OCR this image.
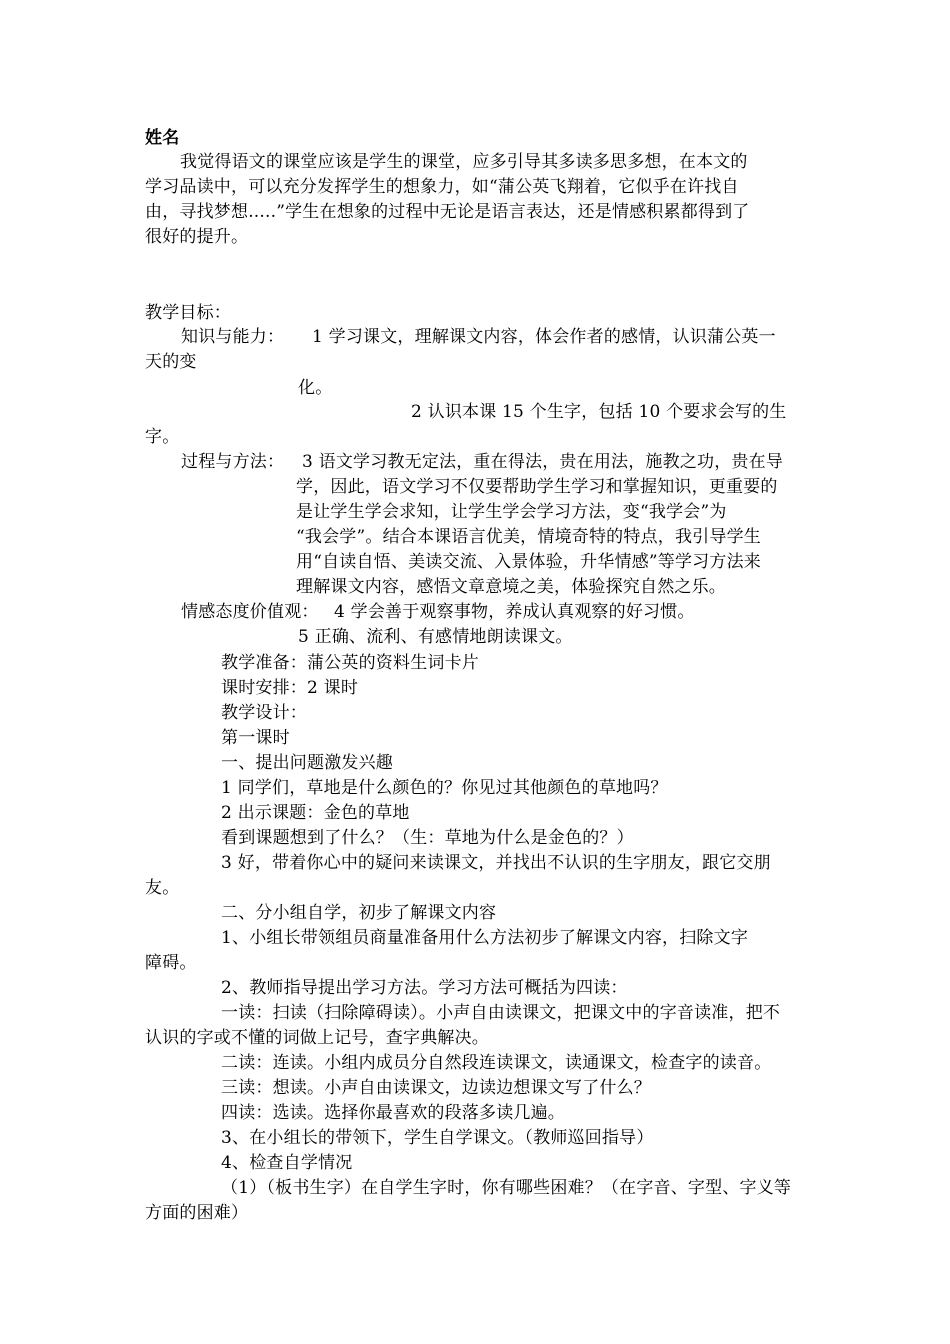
姓名

我觉得语文的课堂应该是学生的课堂，应多引导其多读多思多想，在本文的

学习品读中，可以充分发挥学生的想象力，如“蒲公英飞翔着，它似乎在许找自

由，寻找梦想.....”学生在想象的过程中无论是语言表达，还是情感积累都得到了

很好的提升。

教学目标：

知识与能力： 1 学习课文，理解课文内容，体会作者的感情，认识蒲公英一

天的变

化。

2 认识本课 15 个生字，包括 10 个要求会写的生

字。

过程与方法： 3 语文学习教无定法，重在得法，贵在用法，施教之功，贵在导

学，因此，语文学习不仅要帮助学生学习和掌握知识，更重要的

是让学生学会求知，让学生学会学习方法，变“我学会”为

“我会学”。结合本课语言优美，情境奇特的特点，我引导学生

用“自读自悟、美读交流、入景体验，升华情感”等学习方法来

理解课文内容，感悟文章意境之美，体验探究自然之乐。

情感态度价值观： 4 学会善于观察事物，养成认真观察的好习惯。

5 正确、流利、有感情地朗读课文。

教学准备：蒲公英的资料生词卡片

课时安排：2 课时

教学设计：

第一课时

一、提出问题激发兴趣

1 同学们，草地是什么颜色的？你见过其他颜色的草地吗？

2 出示课题：金色的草地

看到课题想到了什么？（生：草地为什么是金色的？）

3 好，带着你心中的疑问来读课文，并找出不认识的生字朋友，跟它交朋

友。

二、分小组自学，初步了解课文内容

1、小组长带领组员商量准备用什么方法初步了解课文内容，扫除文字

障碍。

2、教师指导提出学习方法。学习方法可概括为四读：

一读：扫读（扫除障碍读）。小声自由读课文，把课文中的字音读准，把不

认识的字或不懂的词做上记号，查字典解决。

二读：连读。小组内成员分自然段连读课文，读通课文，检查字的读音。

三读：想读。小声自由读课文，边读边想课文写了什么？

四读：选读。选择你最喜欢的段落多读几遍。

3、在小组长的带领下，学生自学课文。（教师巡回指导）

4、检查自学情况

（1）（板书生字）在自学生字时，你有哪些困难？（在字音、字型、字义等

方面的困难）
